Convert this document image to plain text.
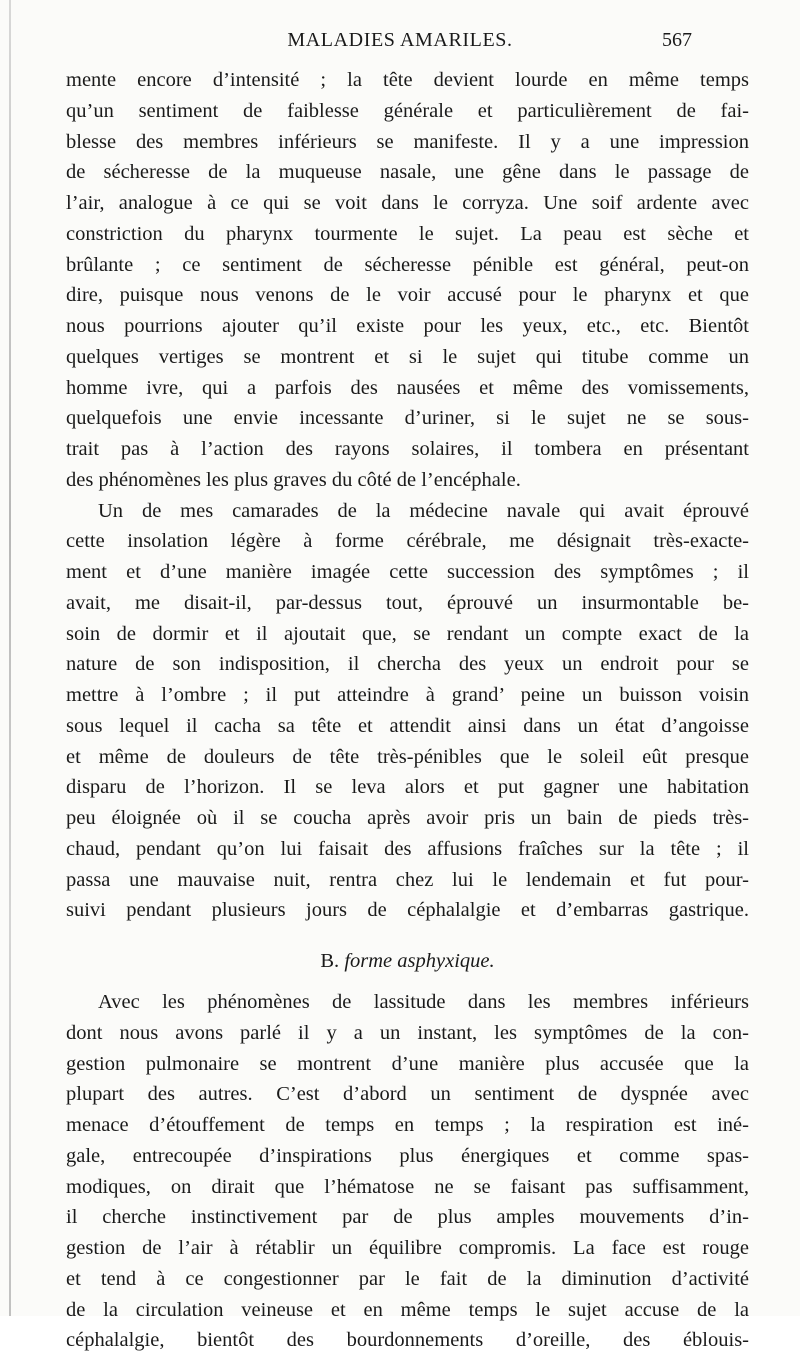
MALADIES AMARILES.	567
mente encore d’intensité ; la tête devient lourde en même temps
qu’un sentiment de faiblesse générale et particulièrement de fai-
blesse des membres inférieurs se manifeste. Il y a une impression
de sécheresse de la muqueuse nasale, une gêne dans le passage de
l’air, analogue à ce qui se voit dans le corryza. Une soif ardente avec
constriction du pharynx tourmente le sujet. La peau est sèche et
brûlante ; ce sentiment de sécheresse pénible est général, peut-on
dire, puisque nous venons de le voir accusé pour le pharynx et que
nous pourrions ajouter qu’il existe pour les yeux, etc., etc. Bientôt
quelques vertiges se montrent et si le sujet qui titube comme un
homme ivre, qui a parfois des nausées et même des vomissements,
quelquefois une envie incessante d’uriner, si le sujet ne se sous-
trait pas à l’action des rayons solaires, il tombera en présentant
des phénomènes les plus graves du côté de l’encéphale.
Un de mes camarades de la médecine navale qui avait éprouvé
cette insolation légère à forme cérébrale, me désignait très-exacte-
ment et d’une manière imagée cette succession des symptômes ; il
avait, me disait-il, par-dessus tout, éprouvé un insurmontable be-
soin de dormir et il ajoutait que, se rendant un compte exact de la
nature de son indisposition, il chercha des yeux un endroit pour se
mettre à l’ombre ; il put atteindre à grand’ peine un buisson voisin
sous lequel il cacha sa tête et attendit ainsi dans un état d’angoisse
et même de douleurs de tête très-pénibles que le soleil eût presque
disparu de l’horizon. Il se leva alors et put gagner une habitation
peu éloignée où il se coucha après avoir pris un bain de pieds très-
chaud, pendant qu’on lui faisait des affusions fraîches sur la tête ; il
passa une mauvaise nuit, rentra chez lui le lendemain et fut pour-
suivi pendant plusieurs jours de céphalalgie et d’embarras gastrique.
B. forme asphyxique.
Avec les phénomènes de lassitude dans les membres inférieurs
dont nous avons parlé il y a un instant, les symptômes de la con-
gestion pulmonaire se montrent d’une manière plus accusée que la
plupart des autres. C’est d’abord un sentiment de dyspnée avec
menace d’étouffement de temps en temps ; la respiration est iné-
gale, entrecoupée d’inspirations plus énergiques et comme spas-
modiques, on dirait que l’hématose ne se faisant pas suffisamment,
il cherche instinctivement par de plus amples mouvements d’in-
gestion de l’air à rétablir un équilibre compromis. La face est rouge
et tend à ce congestionner par le fait de la diminution d’activité
de la circulation veineuse et en même temps le sujet accuse de la
céphalalgie, bientôt des bourdonnements d’oreille, des éblouis-
